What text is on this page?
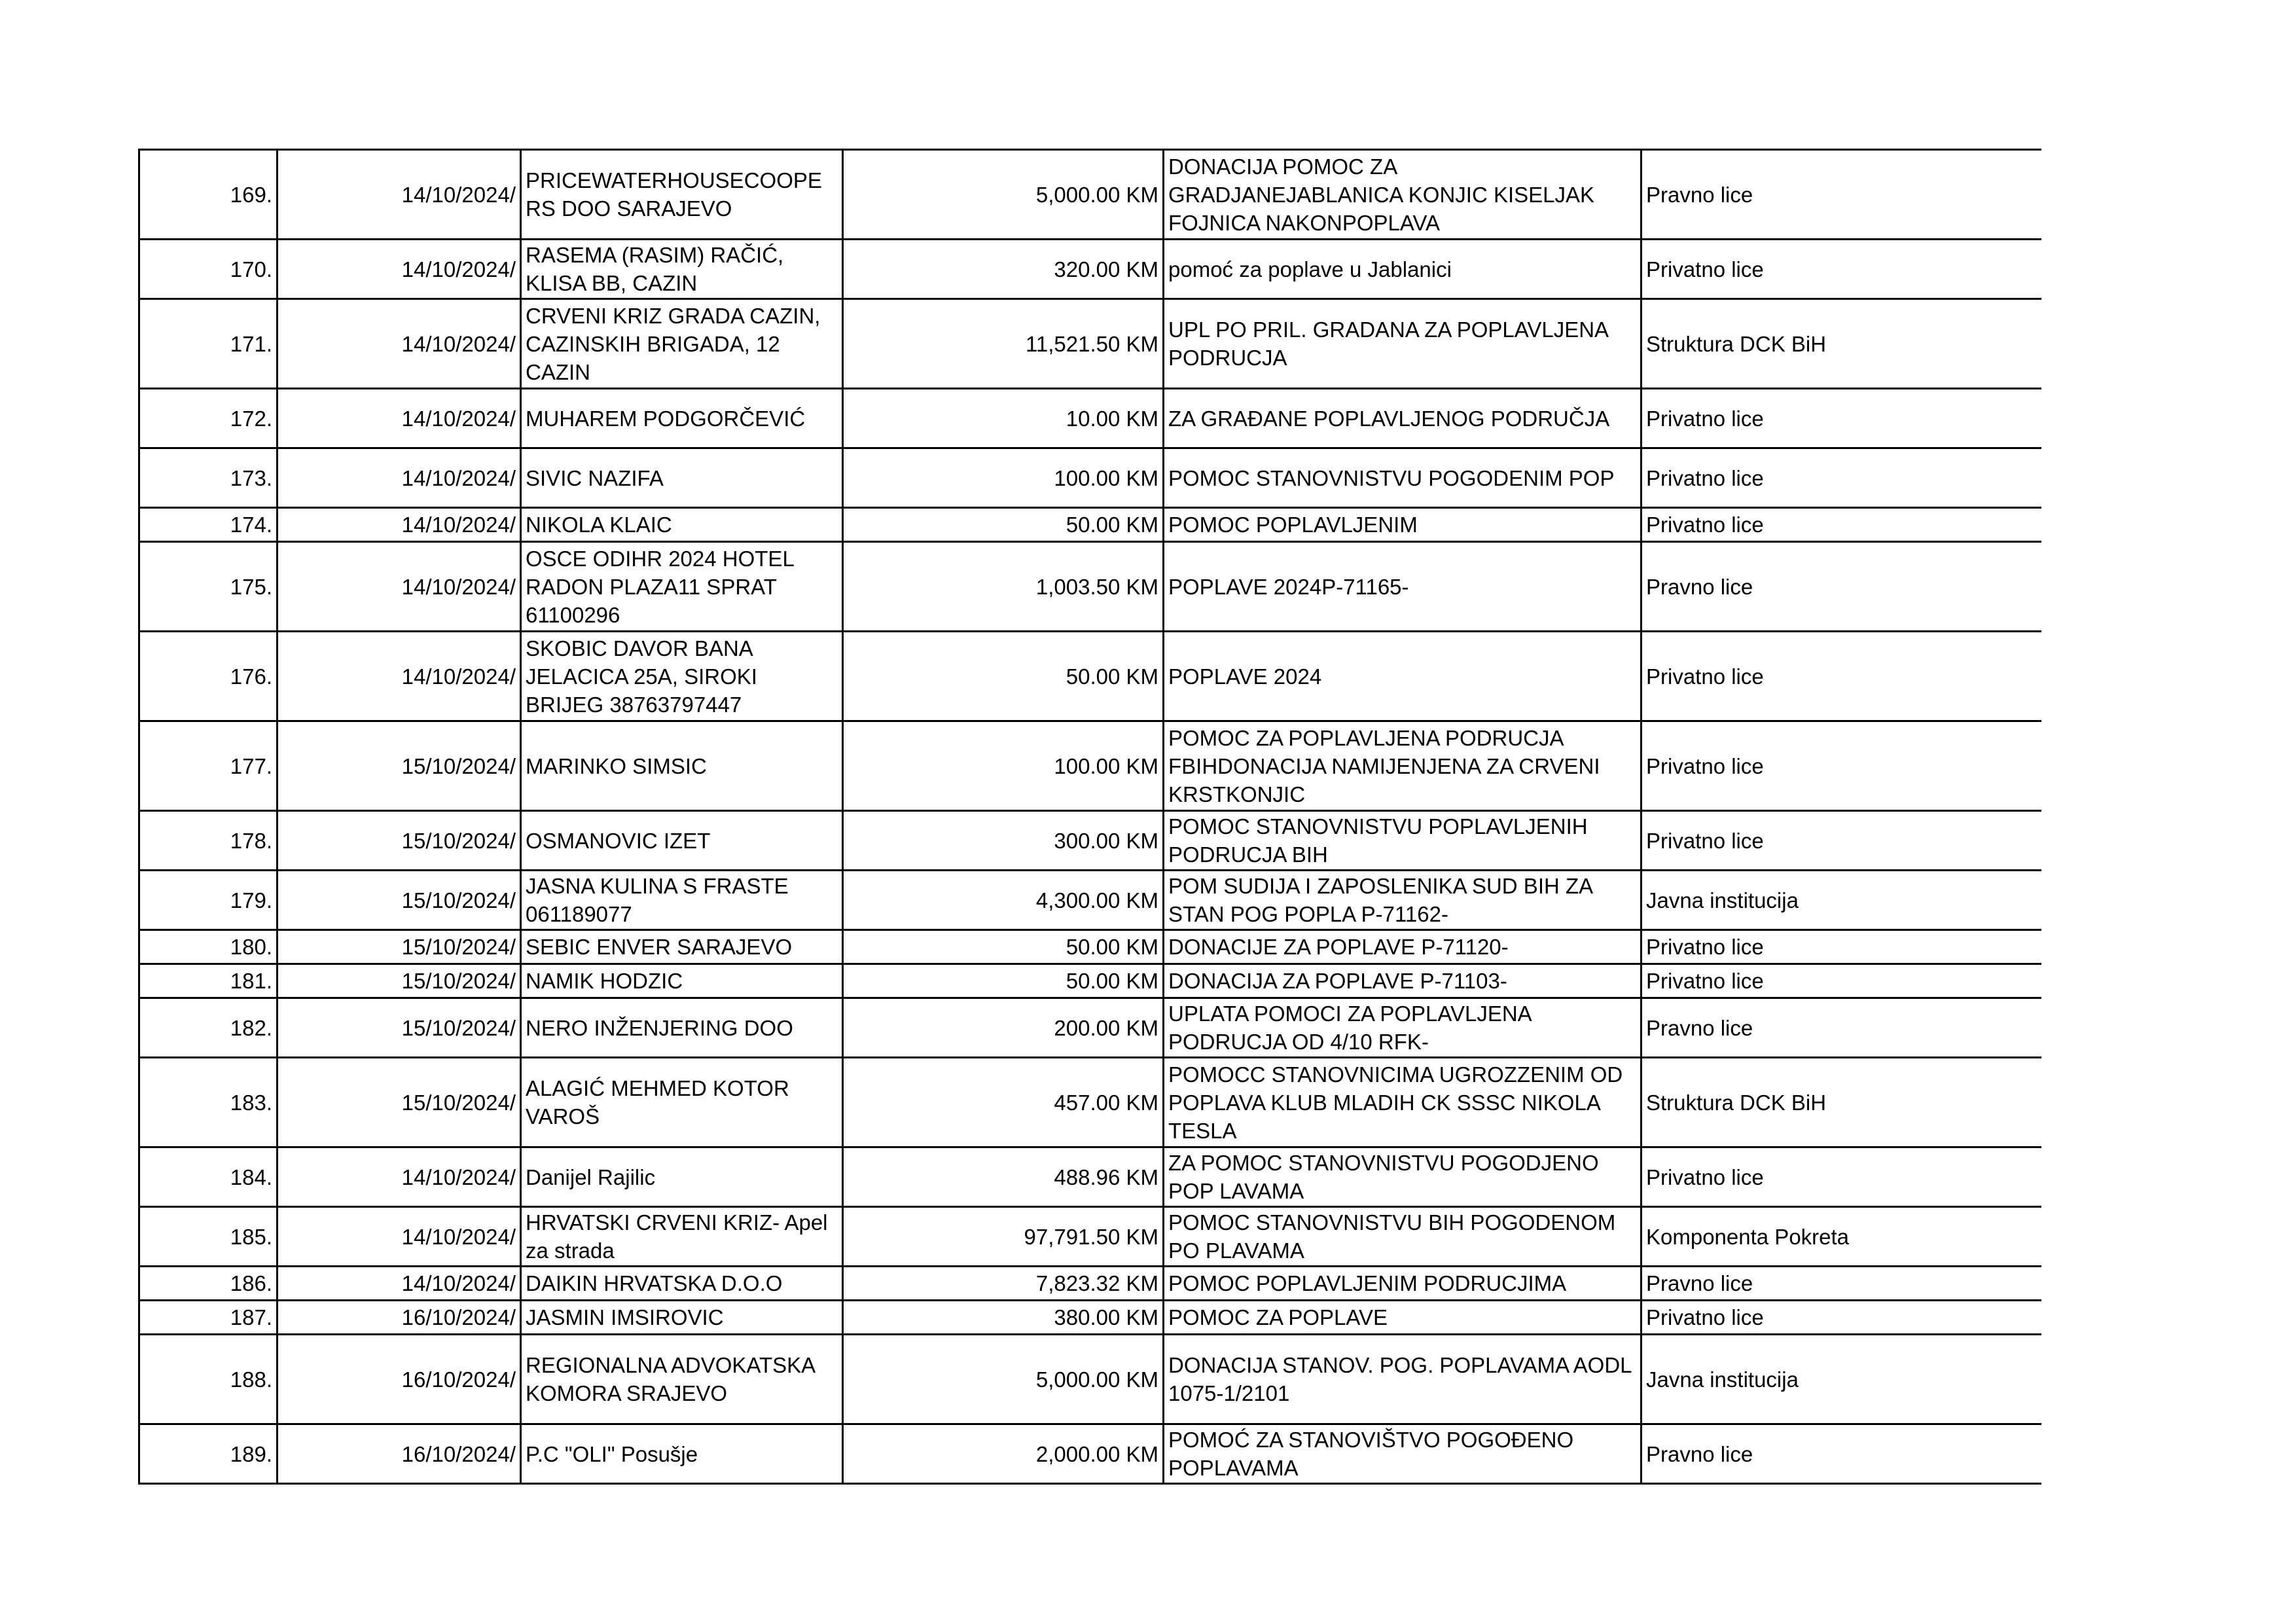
169.	14/10/2024/	PRICEWATERHOUSECOOPE RS DOO SARAJEVO	5,000.00 KM	DONACIJA POMOC ZA GRADJANEJABLANICA KONJIC KISELJAK FOJNICA NAKONPOPLAVA	Pravno lice
170.	14/10/2024/	RASEMA (RASIM) RAČIĆ, KLISA BB, CAZIN	320.00 KM	pomoć za poplave u Jablanici	Privatno lice
171.	14/10/2024/	CRVENI KRIZ GRADA CAZIN, CAZINSKIH BRIGADA, 12 CAZIN	11,521.50 KM	UPL PO PRIL. GRADANA ZA POPLAVLJENA PODRUCJA	Struktura DCK BiH
172.	14/10/2024/	MUHAREM PODGORČEVIĆ	10.00 KM	ZA GRAĐANE POPLAVLJENOG PODRUČJA	Privatno lice
173.	14/10/2024/	SIVIC NAZIFA	100.00 KM	POMOC STANOVNISTVU POGODENIM POP	Privatno lice
174.	14/10/2024/	NIKOLA KLAIC	50.00 KM	POMOC POPLAVLJENIM	Privatno lice
175.	14/10/2024/	OSCE ODIHR 2024 HOTEL RADON PLAZA11 SPRAT 61100296	1,003.50 KM	POPLAVE 2024P-71165-	Pravno lice
176.	14/10/2024/	SKOBIC DAVOR BANA JELACICA 25A, SIROKI BRIJEG 38763797447	50.00 KM	POPLAVE 2024	Privatno lice
177.	15/10/2024/	MARINKO SIMSIC	100.00 KM	POMOC ZA POPLAVLJENA PODRUCJA FBIHDONACIJA NAMIJENJENA ZA CRVENI KRSTKONJIC	Privatno lice
178.	15/10/2024/	OSMANOVIC IZET	300.00 KM	POMOC STANOVNISTVU POPLAVLJENIH PODRUCJA BIH	Privatno lice
179.	15/10/2024/	JASNA KULINA S FRASTE 061189077	4,300.00 KM	POM SUDIJA I ZAPOSLENIKA SUD BIH ZA STAN POG POPLA P-71162-	Javna institucija
180.	15/10/2024/	SEBIC ENVER SARAJEVO	50.00 KM	DONACIJE ZA POPLAVE P-71120-	Privatno lice
181.	15/10/2024/	NAMIK HODZIC	50.00 KM	DONACIJA ZA POPLAVE P-71103-	Privatno lice
182.	15/10/2024/	NERO INŽENJERING DOO	200.00 KM	UPLATA POMOCI ZA POPLAVLJENA PODRUCJA OD 4/10 RFK-	Pravno lice
183.	15/10/2024/	ALAGIĆ MEHMED KOTOR VAROŠ	457.00 KM	POMOCC STANOVNICIMA UGROZZENIM OD POPLAVA KLUB MLADIH CK SSSC NIKOLA TESLA	Struktura DCK BiH
184.	14/10/2024/	Danijel Rajilic	488.96 KM	ZA POMOC STANOVNISTVU POGODJENO POP LAVAMA	Privatno lice
185.	14/10/2024/	HRVATSKI CRVENI KRIZ- Apel za strada	97,791.50 KM	POMOC STANOVNISTVU BIH POGODENOM PO PLAVAMA	Komponenta Pokreta
186.	14/10/2024/	DAIKIN HRVATSKA D.O.O	7,823.32 KM	POMOC POPLAVLJENIM PODRUCJIMA	Pravno lice
187.	16/10/2024/	JASMIN IMSIROVIC	380.00 KM	POMOC ZA POPLAVE	Privatno lice
188.	16/10/2024/	REGIONALNA ADVOKATSKA KOMORA SRAJEVO	5,000.00 KM	DONACIJA STANOV. POG. POPLAVAMA AODL 1075-1/2101	Javna institucija
189.	16/10/2024/	P.C "OLI" Posušje	2,000.00 KM	POMOĆ ZA STANOVIŠTVO POGOĐENO POPLAVAMA	Pravno lice
